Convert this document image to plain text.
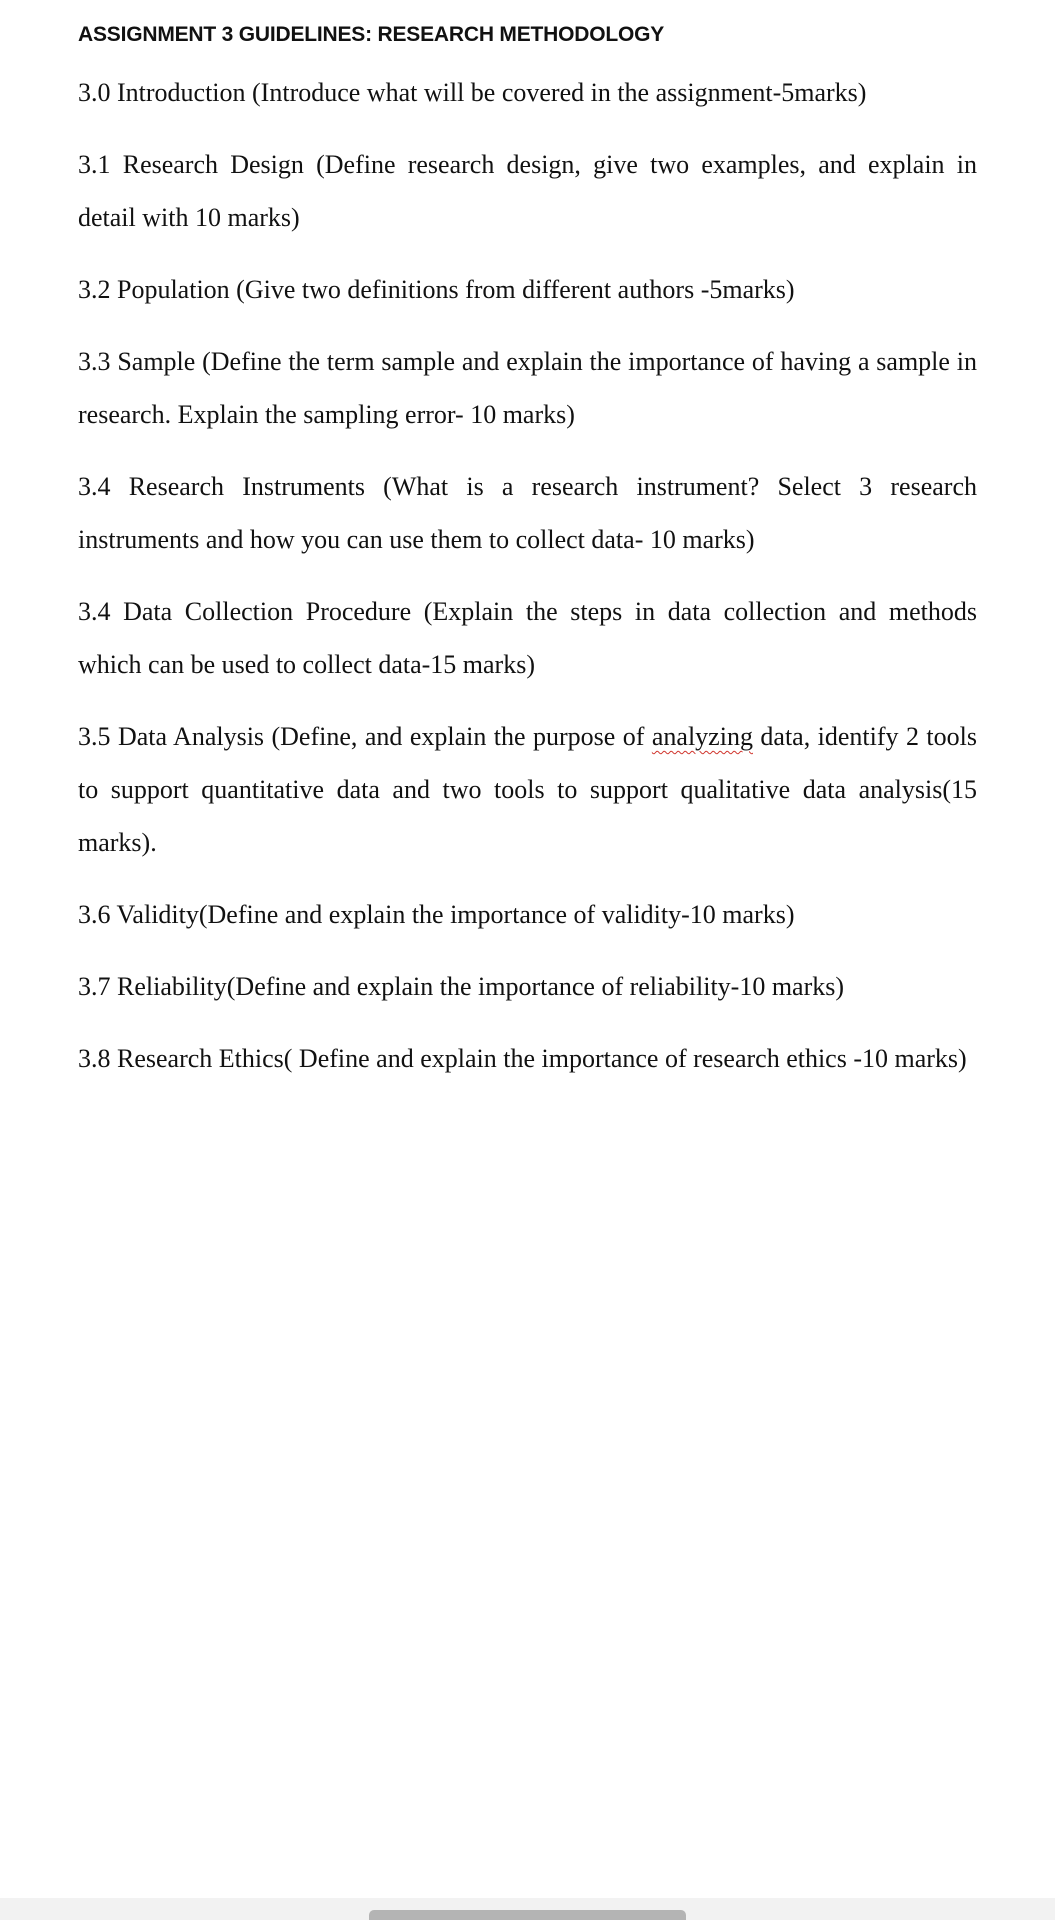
ASSIGNMENT 3 GUIDELINES: RESEARCH METHODOLOGY

3.0 Introduction (Introduce what will be covered in the assignment-5marks)

3.1 Research Design (Define research design, give two examples, and explain in detail with 10 marks)

3.2 Population (Give two definitions from different authors -5marks)

3.3 Sample (Define the term sample and explain the importance of having a sample in research. Explain the sampling error- 10 marks)

3.4 Research Instruments (What is a research instrument? Select 3 research instruments and how you can use them to collect data- 10 marks)

3.4 Data Collection Procedure (Explain the steps in data collection and methods which can be used to collect data-15 marks)

3.5 Data Analysis (Define, and explain the purpose of analyzing data, identify 2 tools to support quantitative data and two tools to support qualitative data analysis(15 marks).

3.6 Validity(Define and explain the importance of validity-10 marks)

3.7 Reliability(Define and explain the importance of reliability-10 marks)

3.8 Research Ethics( Define and explain the importance of research ethics -10 marks)
